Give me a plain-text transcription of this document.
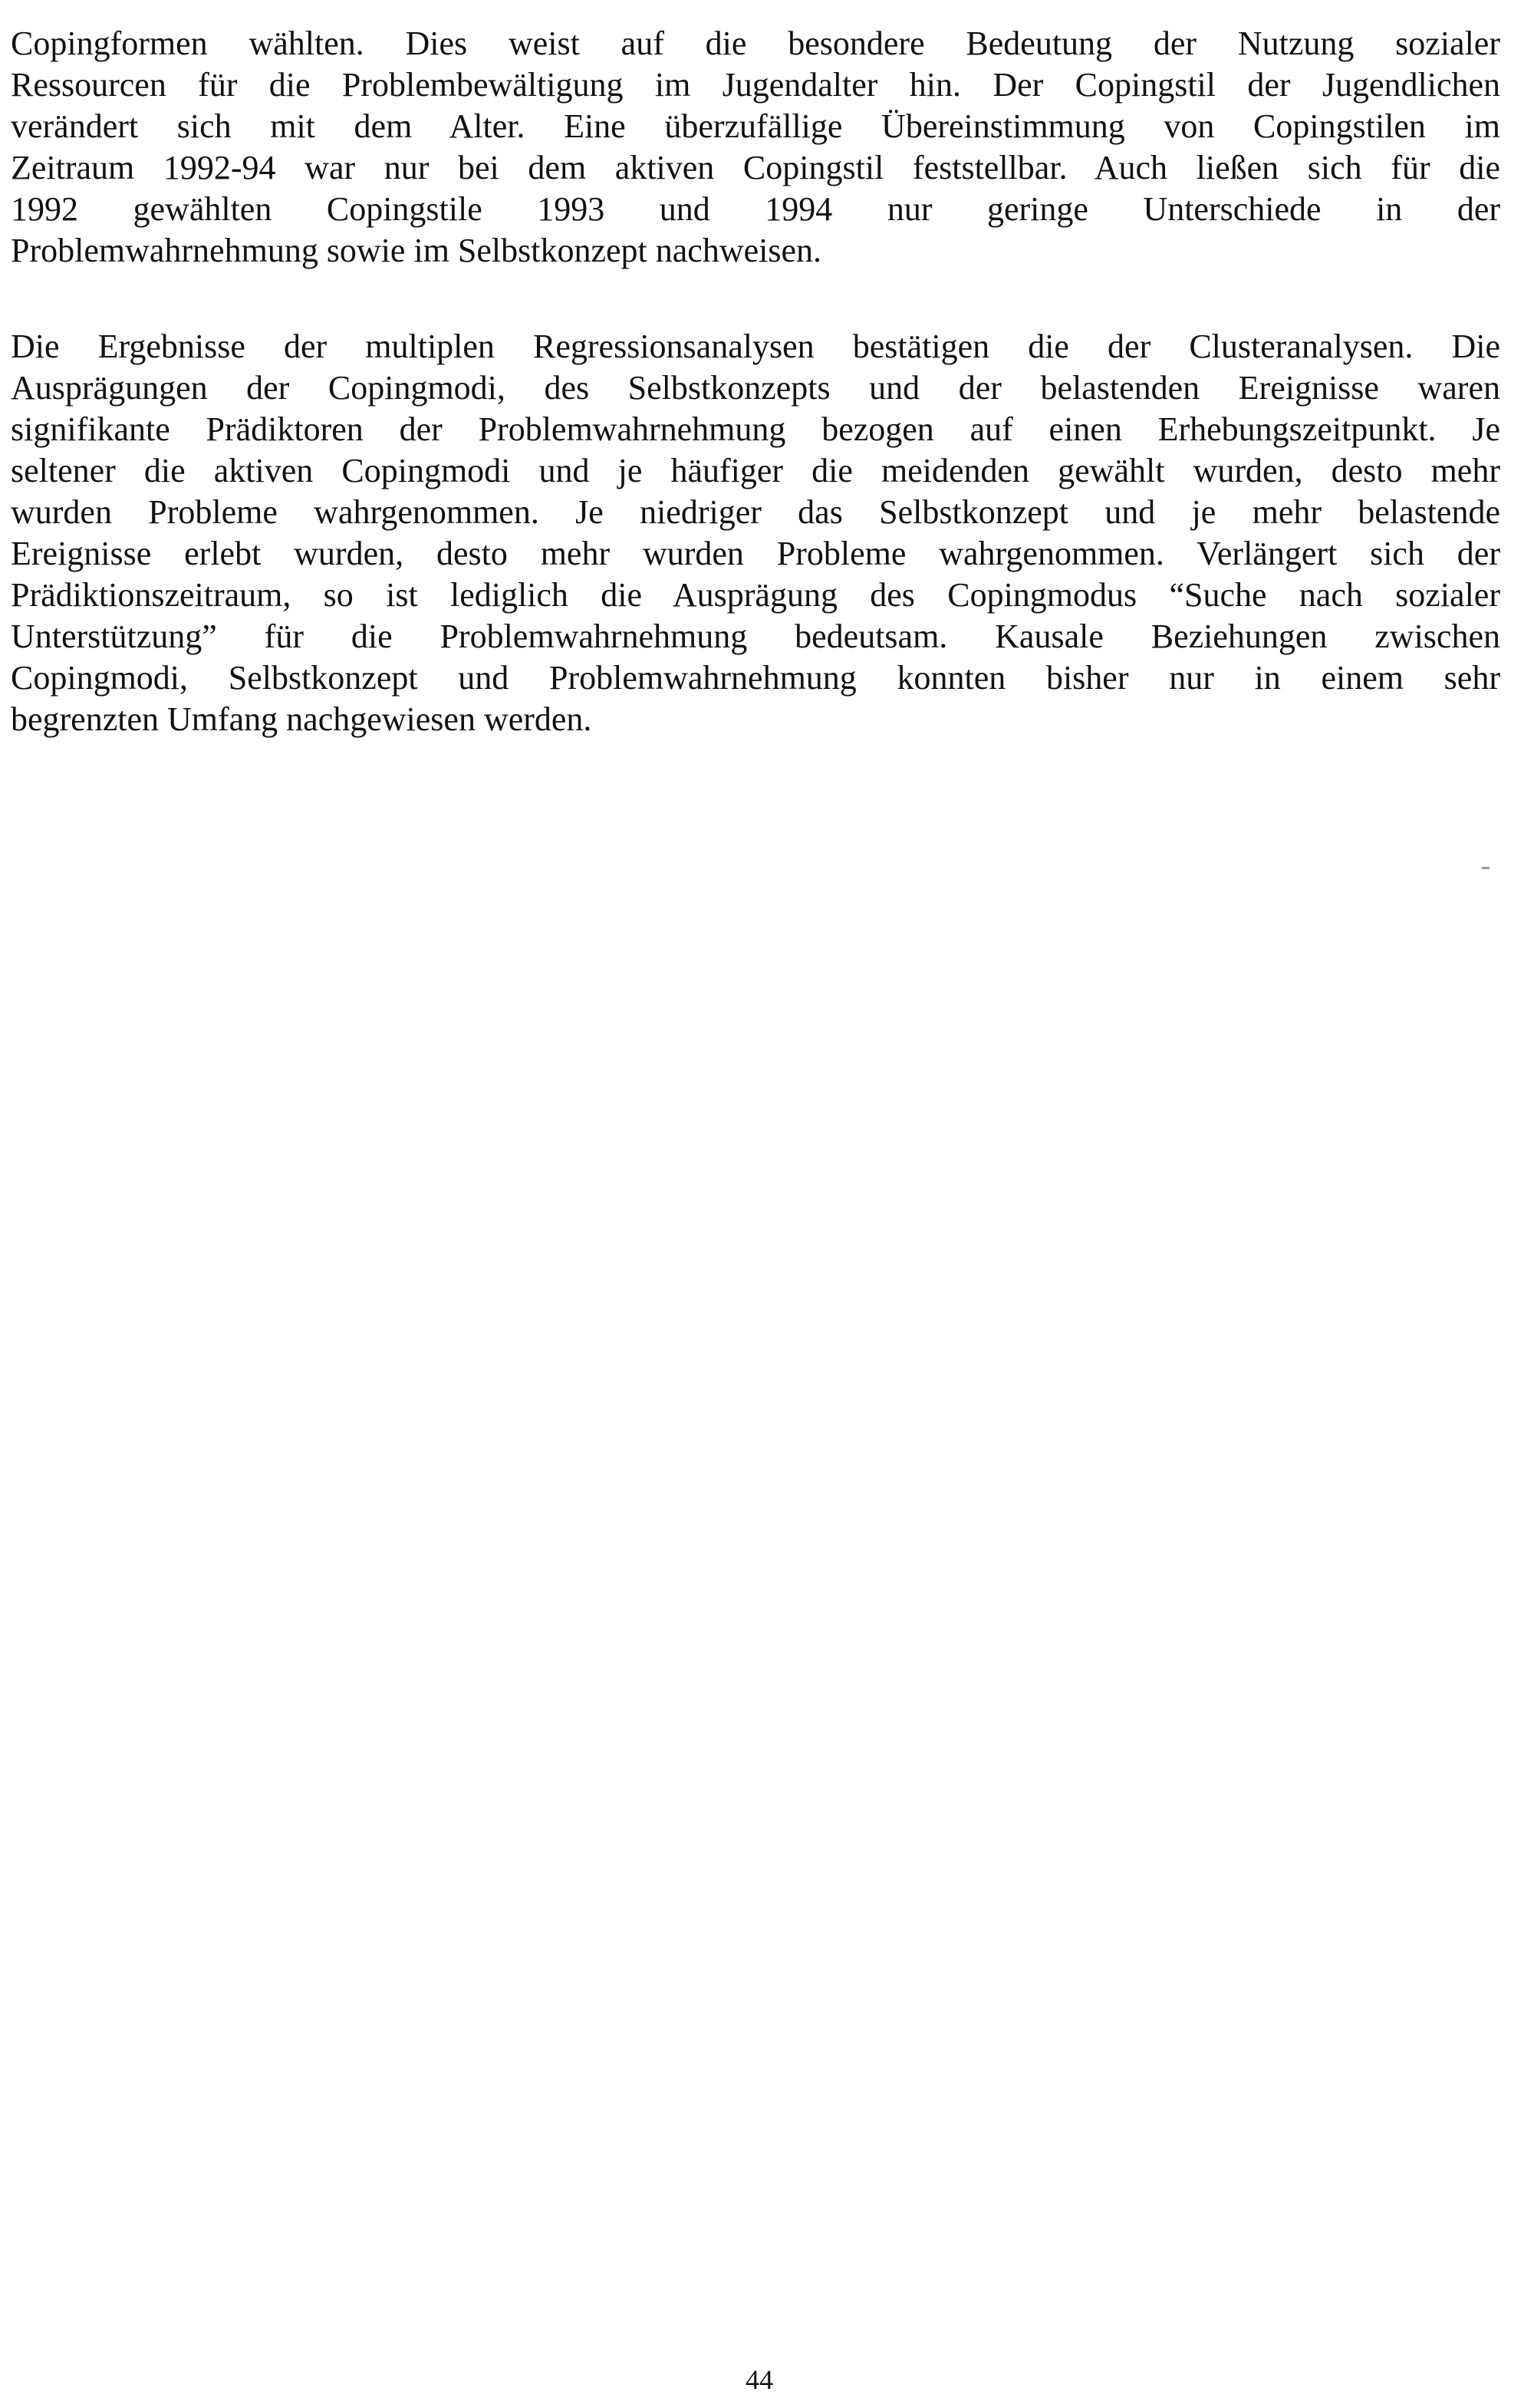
Copingformen wählten. Dies weist auf die besondere Bedeutung der Nutzung sozialer
Ressourcen für die Problembewältigung im Jugendalter hin. Der Copingstil der Jugendlichen
verändert sich mit dem Alter. Eine überzufällige Übereinstimmung von Copingstilen im
Zeitraum 1992-94 war nur bei dem aktiven Copingstil feststellbar. Auch ließen sich für die
1992 gewählten Copingstile 1993 und 1994 nur geringe Unterschiede in der
Problemwahrnehmung sowie im Selbstkonzept nachweisen.
Die Ergebnisse der multiplen Regressionsanalysen bestätigen die der Clusteranalysen. Die
Ausprägungen der Copingmodi, des Selbstkonzepts und der belastenden Ereignisse waren
signifikante Prädiktoren der Problemwahrnehmung bezogen auf einen Erhebungszeitpunkt. Je
seltener die aktiven Copingmodi und je häufiger die meidenden gewählt wurden, desto mehr
wurden Probleme wahrgenommen. Je niedriger das Selbstkonzept und je mehr belastende
Ereignisse erlebt wurden, desto mehr wurden Probleme wahrgenommen. Verlängert sich der
Prädiktionszeitraum, so ist lediglich die Ausprägung des Copingmodus “Suche nach sozialer
Unterstützung” für die Problemwahrnehmung bedeutsam. Kausale Beziehungen zwischen
Copingmodi, Selbstkonzept und Problemwahrnehmung konnten bisher nur in einem sehr
begrenzten Umfang nachgewiesen werden.

44
